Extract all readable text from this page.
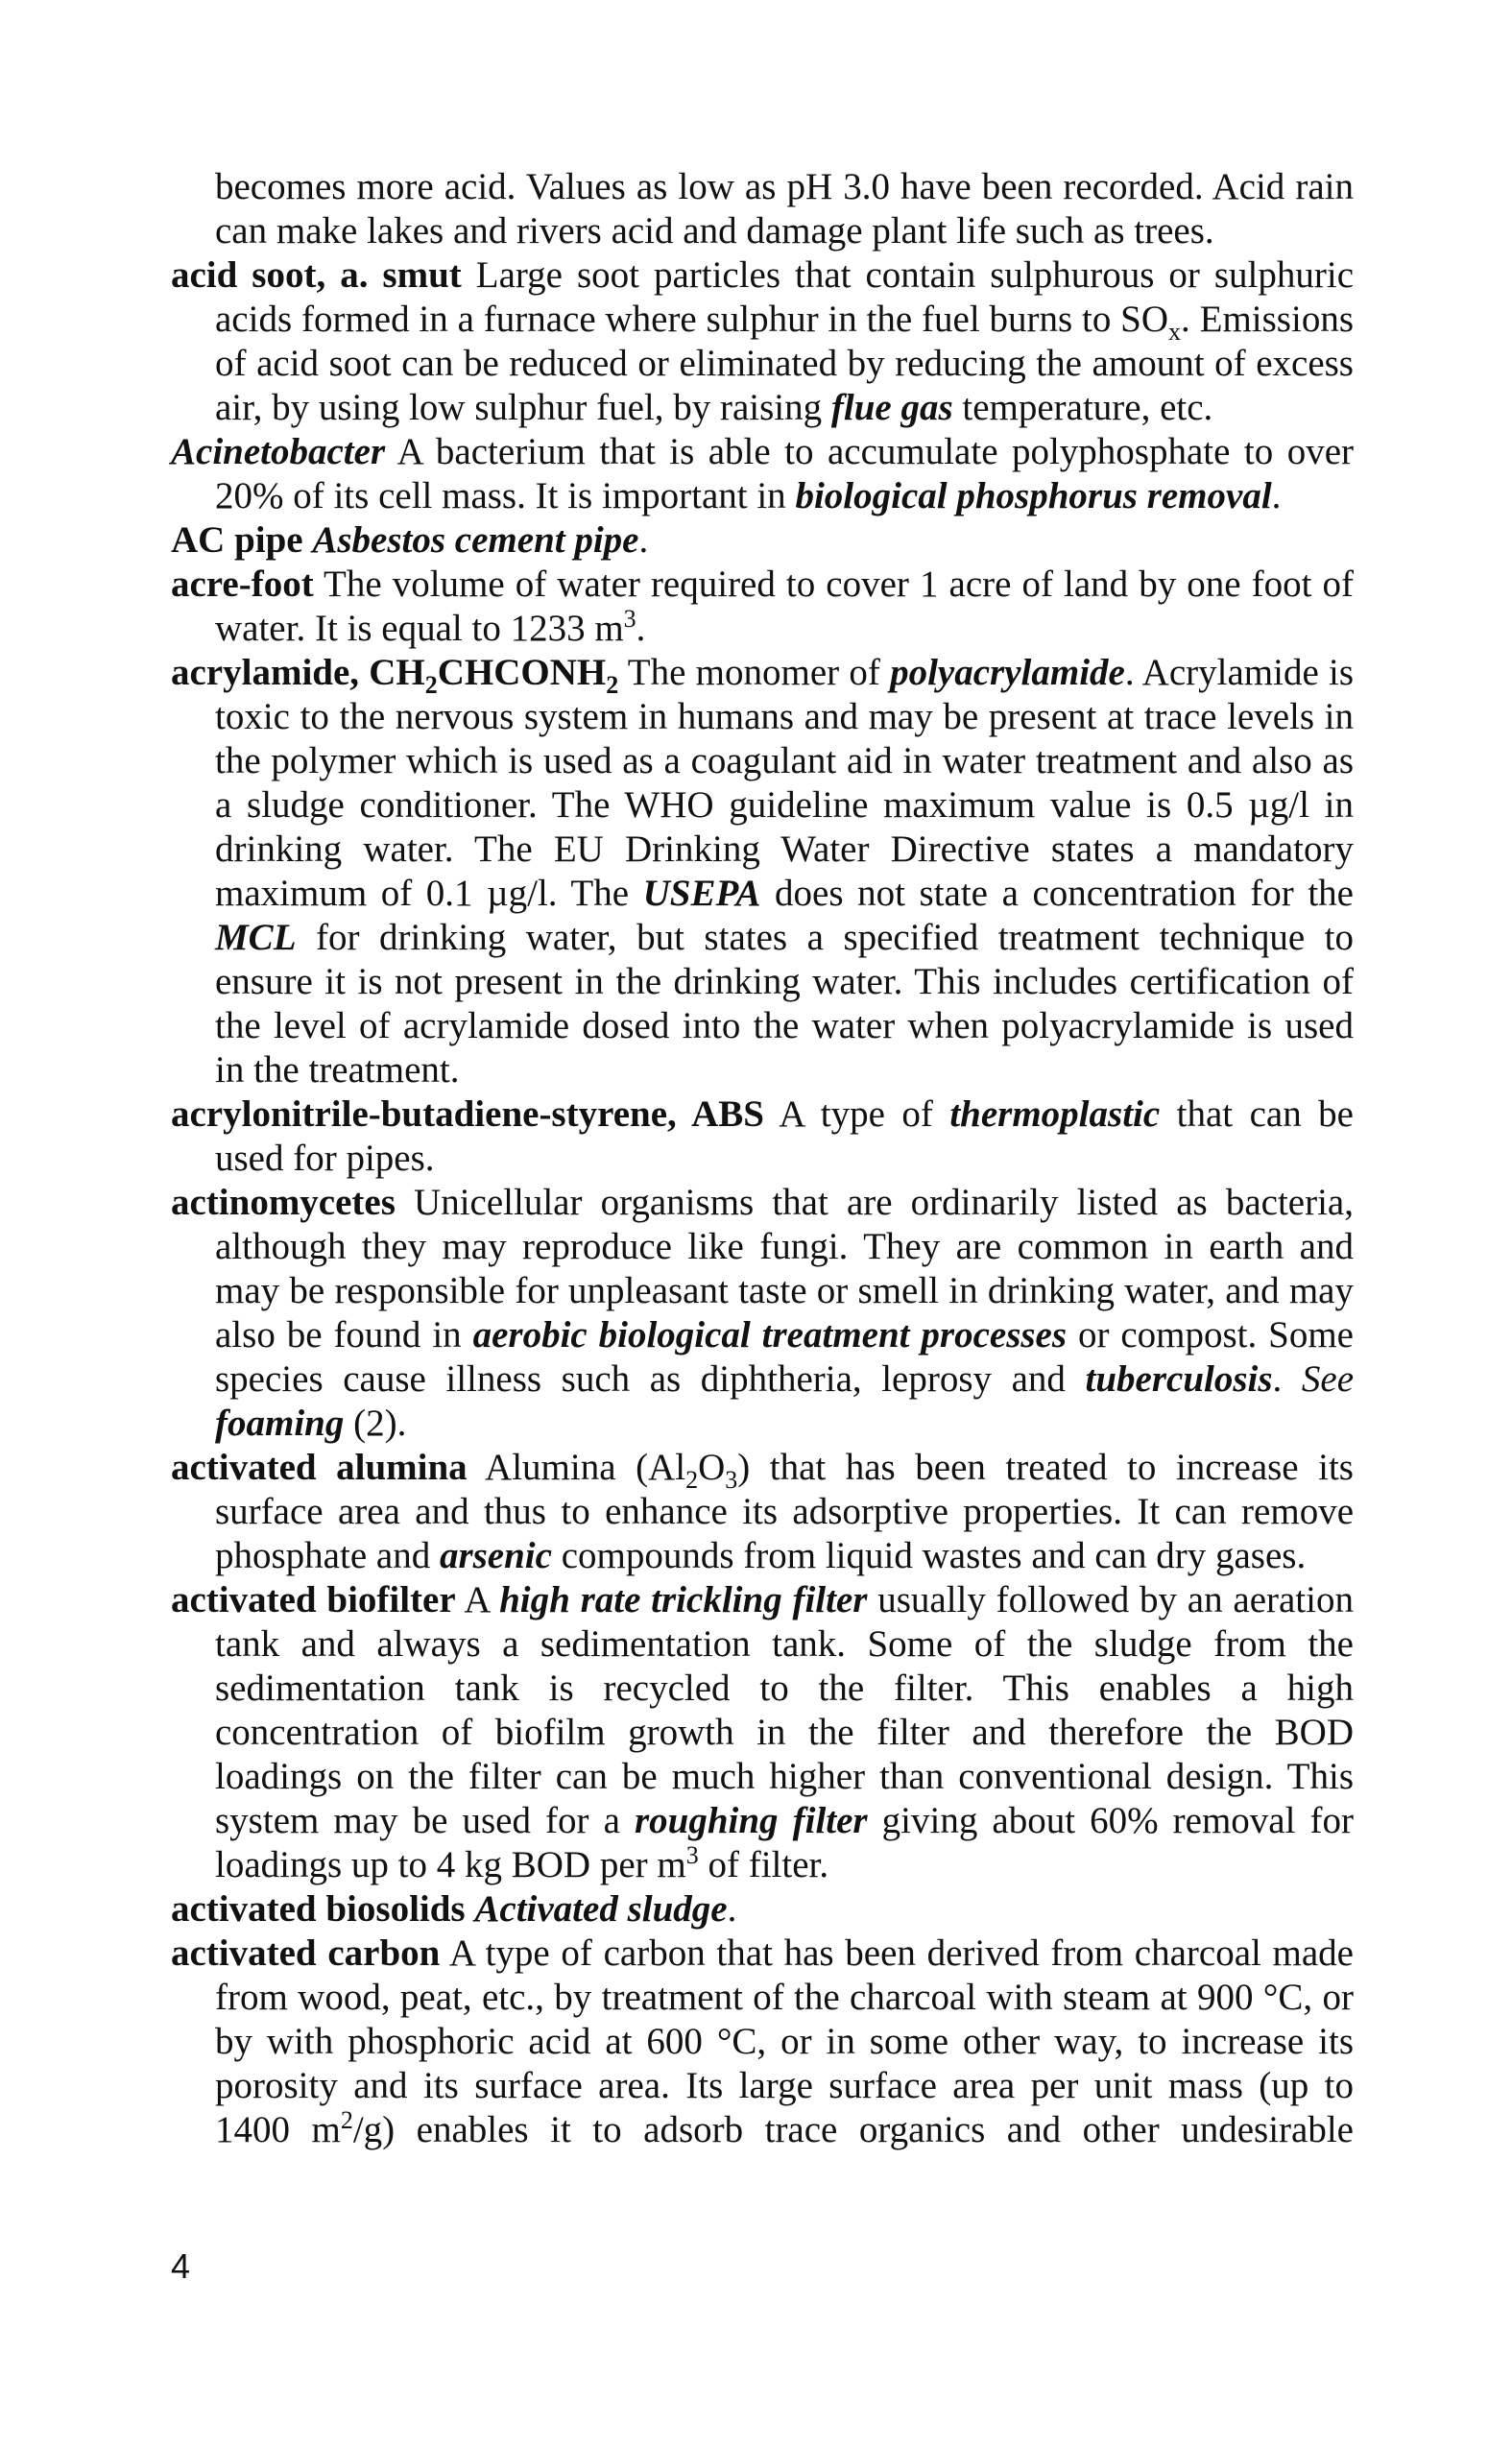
becomes more acid. Values as low as pH 3.0 have been recorded. Acid rain can make lakes and rivers acid and damage plant life such as trees.

acid soot, a. smut Large soot particles that contain sulphurous or sulphuric acids formed in a furnace where sulphur in the fuel burns to $SO_x$. Emissions of acid soot can be reduced or eliminated by reducing the amount of excess air, by using low sulphur fuel, by raising flue gas temperature, etc.

Acinetobacter A bacterium that is able to accumulate polyphosphate to over 20% of its cell mass. It is important in biological phosphorus removal.

AC pipe Asbestos cement pipe.

acre-foot The volume of water required to cover 1 acre of land by one foot of water. It is equal to 1233 $m^3$.

acrylamide, $CH_2CHCONH_2$ The monomer of polyacrylamide. Acrylamide is toxic to the nervous system in humans and may be present at trace levels in the polymer which is used as a coagulant aid in water treatment and also as a sludge conditioner. The WHO guideline maximum value is 0.5 µg/l in drinking water. The EU Drinking Water Directive states a mandatory maximum of 0.1 µg/l. The USEPA does not state a concentration for the MCL for drinking water, but states a specified treatment technique to ensure it is not present in the drinking water. This includes certification of the level of acrylamide dosed into the water when polyacrylamide is used in the treatment.

acrylonitrile-butadiene-styrene, ABS A type of thermoplastic that can be used for pipes.

actinomycetes Unicellular organisms that are ordinarily listed as bacteria, although they may reproduce like fungi. They are common in earth and may be responsible for unpleasant taste or smell in drinking water, and may also be found in aerobic biological treatment processes or compost. Some species cause illness such as diphtheria, leprosy and tuberculosis. See foaming (2).

activated alumina Alumina $(Al_2O_3)$ that has been treated to increase its surface area and thus to enhance its adsorptive properties. It can remove phosphate and arsenic compounds from liquid wastes and can dry gases.

activated biofilter A high rate trickling filter usually followed by an aeration tank and always a sedimentation tank. Some of the sludge from the sedimentation tank is recycled to the filter. This enables a high concentration of biofilm growth in the filter and therefore the BOD loadings on the filter can be much higher than conventional design. This system may be used for a roughing filter giving about 60% removal for loadings up to 4 kg BOD per $m^3$ of filter.

activated biosolids Activated sludge.

activated carbon A type of carbon that has been derived from charcoal made from wood, peat, etc., by treatment of the charcoal with steam at 900 °C, or by with phosphoric acid at 600 °C, or in some other way, to increase its porosity and its surface area. Its large surface area per unit mass (up to 1400 $m^2/g$) enables it to adsorb trace organics and other undesirable

4
